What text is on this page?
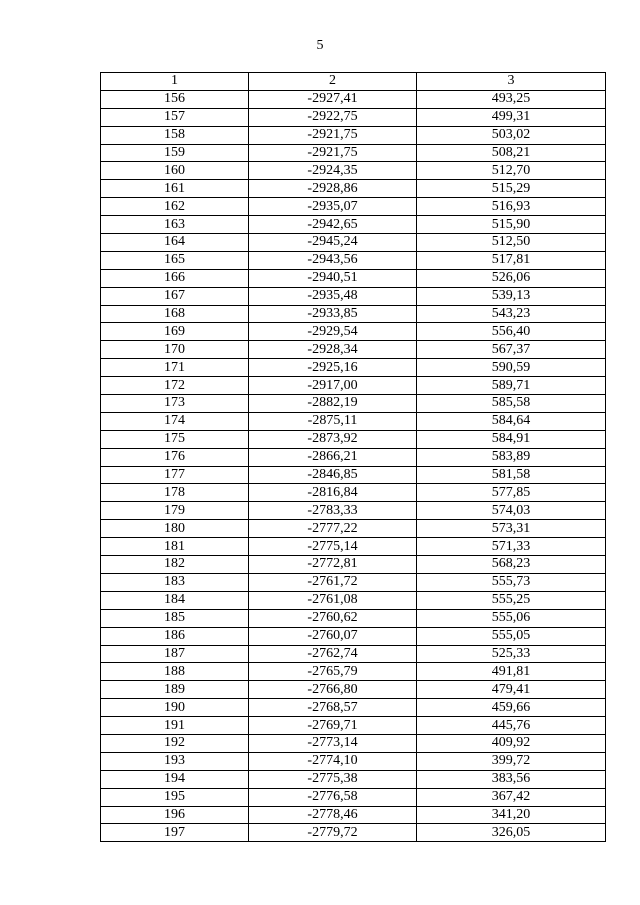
5
1	2	3
156	-2927,41	493,25
157	-2922,75	499,31
158	-2921,75	503,02
159	-2921,75	508,21
160	-2924,35	512,70
161	-2928,86	515,29
162	-2935,07	516,93
163	-2942,65	515,90
164	-2945,24	512,50
165	-2943,56	517,81
166	-2940,51	526,06
167	-2935,48	539,13
168	-2933,85	543,23
169	-2929,54	556,40
170	-2928,34	567,37
171	-2925,16	590,59
172	-2917,00	589,71
173	-2882,19	585,58
174	-2875,11	584,64
175	-2873,92	584,91
176	-2866,21	583,89
177	-2846,85	581,58
178	-2816,84	577,85
179	-2783,33	574,03
180	-2777,22	573,31
181	-2775,14	571,33
182	-2772,81	568,23
183	-2761,72	555,73
184	-2761,08	555,25
185	-2760,62	555,06
186	-2760,07	555,05
187	-2762,74	525,33
188	-2765,79	491,81
189	-2766,80	479,41
190	-2768,57	459,66
191	-2769,71	445,76
192	-2773,14	409,92
193	-2774,10	399,72
194	-2775,38	383,56
195	-2776,58	367,42
196	-2778,46	341,20
197	-2779,72	326,05
